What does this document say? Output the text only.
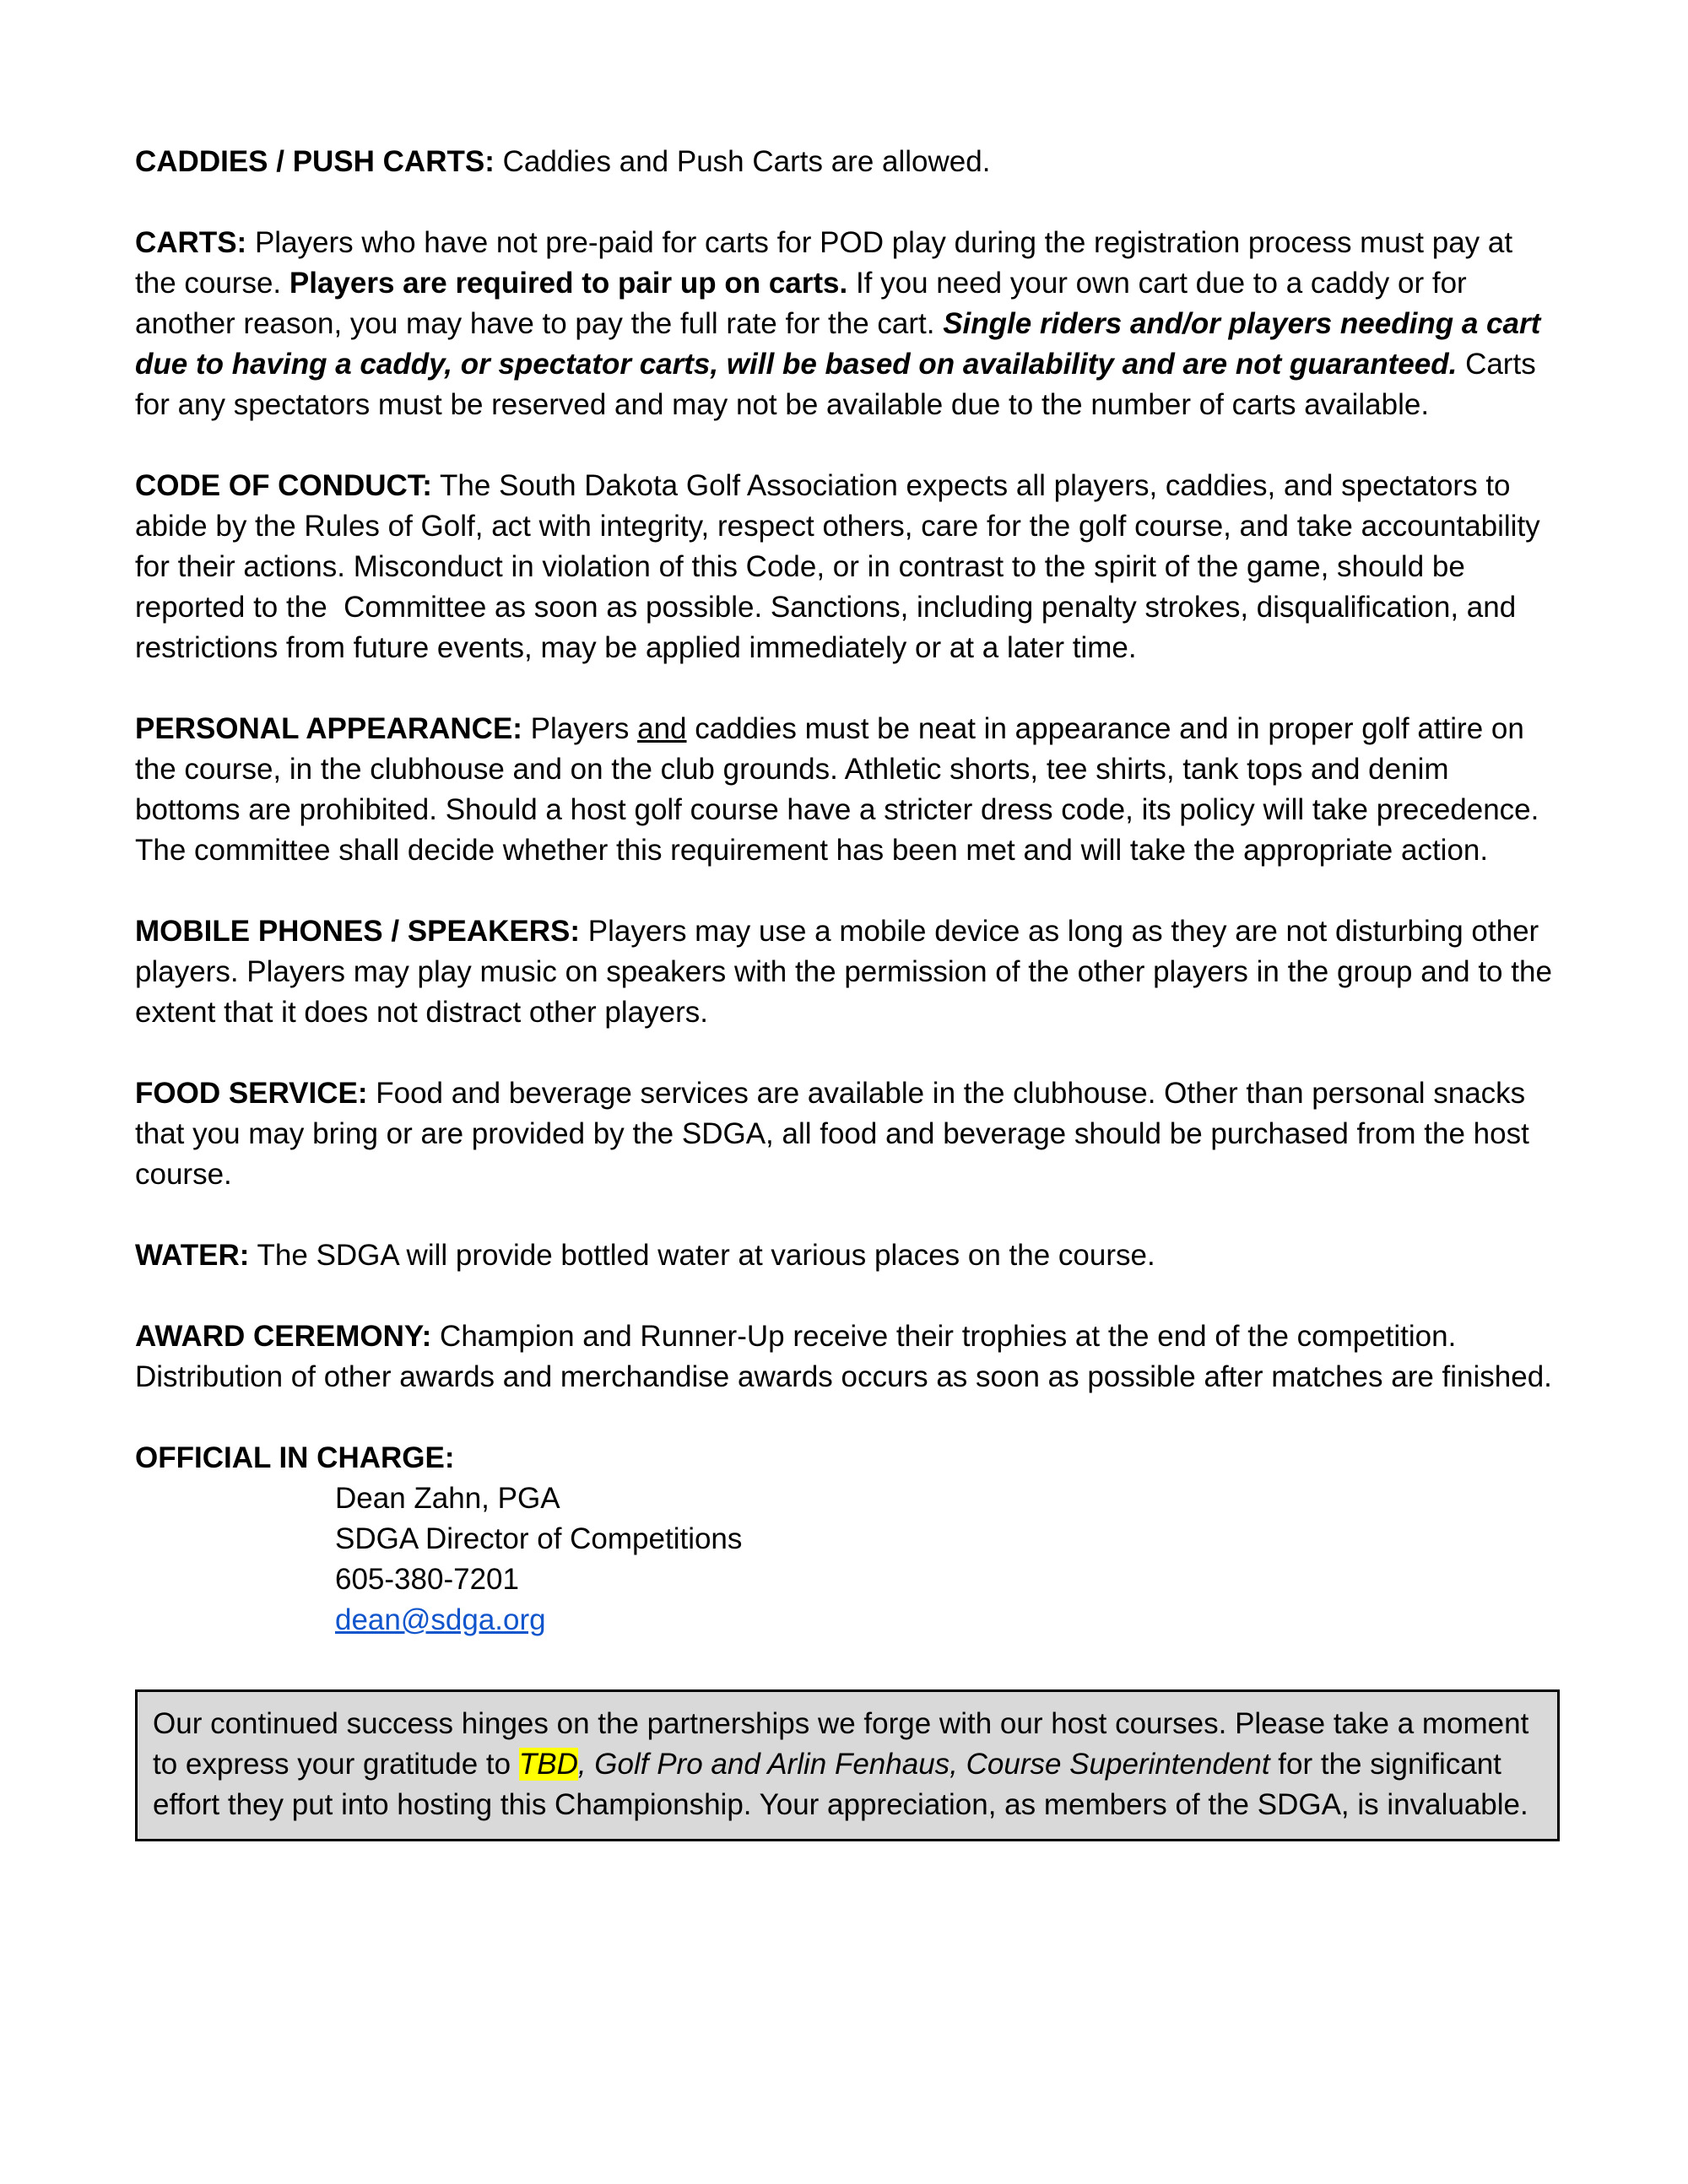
CADDIES / PUSH CARTS: Caddies and Push Carts are allowed.

CARTS: Players who have not pre-paid for carts for POD play during the registration process must pay at the course. Players are required to pair up on carts. If you need your own cart due to a caddy or for another reason, you may have to pay the full rate for the cart. Single riders and/or players needing a cart due to having a caddy, or spectator carts, will be based on availability and are not guaranteed. Carts for any spectators must be reserved and may not be available due to the number of carts available.

CODE OF CONDUCT: The South Dakota Golf Association expects all players, caddies, and spectators to abide by the Rules of Golf, act with integrity, respect others, care for the golf course, and take accountability for their actions. Misconduct in violation of this Code, or in contrast to the spirit of the game, should be reported to the  Committee as soon as possible. Sanctions, including penalty strokes, disqualification, and restrictions from future events, may be applied immediately or at a later time.

PERSONAL APPEARANCE: Players and caddies must be neat in appearance and in proper golf attire on the course, in the clubhouse and on the club grounds. Athletic shorts, tee shirts, tank tops and denim bottoms are prohibited. Should a host golf course have a stricter dress code, its policy will take precedence. The committee shall decide whether this requirement has been met and will take the appropriate action.

MOBILE PHONES / SPEAKERS: Players may use a mobile device as long as they are not disturbing other players. Players may play music on speakers with the permission of the other players in the group and to the extent that it does not distract other players.

FOOD SERVICE: Food and beverage services are available in the clubhouse. Other than personal snacks that you may bring or are provided by the SDGA, all food and beverage should be purchased from the host course.

WATER: The SDGA will provide bottled water at various places on the course.

AWARD CEREMONY: Champion and Runner-Up receive their trophies at the end of the competition. Distribution of other awards and merchandise awards occurs as soon as possible after matches are finished.

OFFICIAL IN CHARGE:

Dean Zahn, PGA

SDGA Director of Competitions

605-380-7201

dean@sdga.org

Our continued success hinges on the partnerships we forge with our host courses. Please take a moment to express your gratitude to TBD, Golf Pro and Arlin Fenhaus, Course Superintendent for the significant effort they put into hosting this Championship. Your appreciation, as members of the SDGA, is invaluable.
